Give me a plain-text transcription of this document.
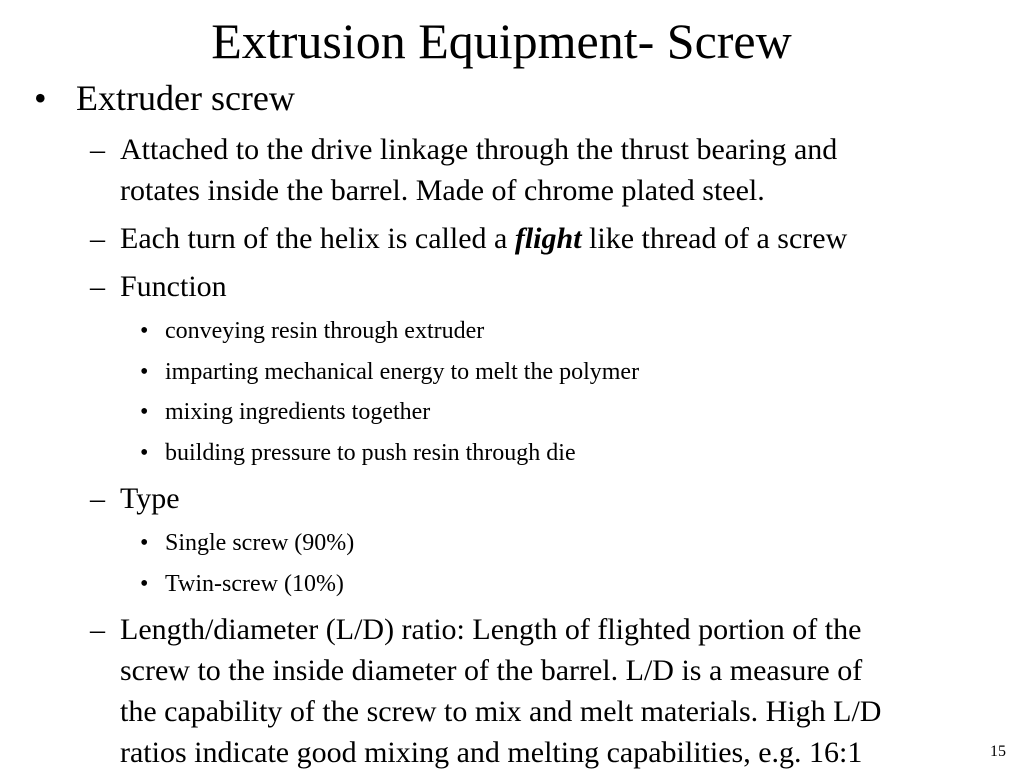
Extrusion Equipment- Screw
• Extruder screw
– Attached to the drive linkage through the thrust bearing and
rotates inside the barrel. Made of chrome plated steel.
– Each turn of the helix is called a flight like thread of a screw
– Function
• conveying resin through extruder
• imparting mechanical energy to melt the polymer
• mixing ingredients together
• building pressure to push resin through die
– Type
• Single screw (90%)
• Twin-screw (10%)
– Length/diameter (L/D) ratio: Length of flighted portion of the
screw to the inside diameter of the barrel. L/D is a measure of
the capability of the screw to mix and melt materials. High L/D
ratios indicate good mixing and melting capabilities, e.g. 16:1	15
